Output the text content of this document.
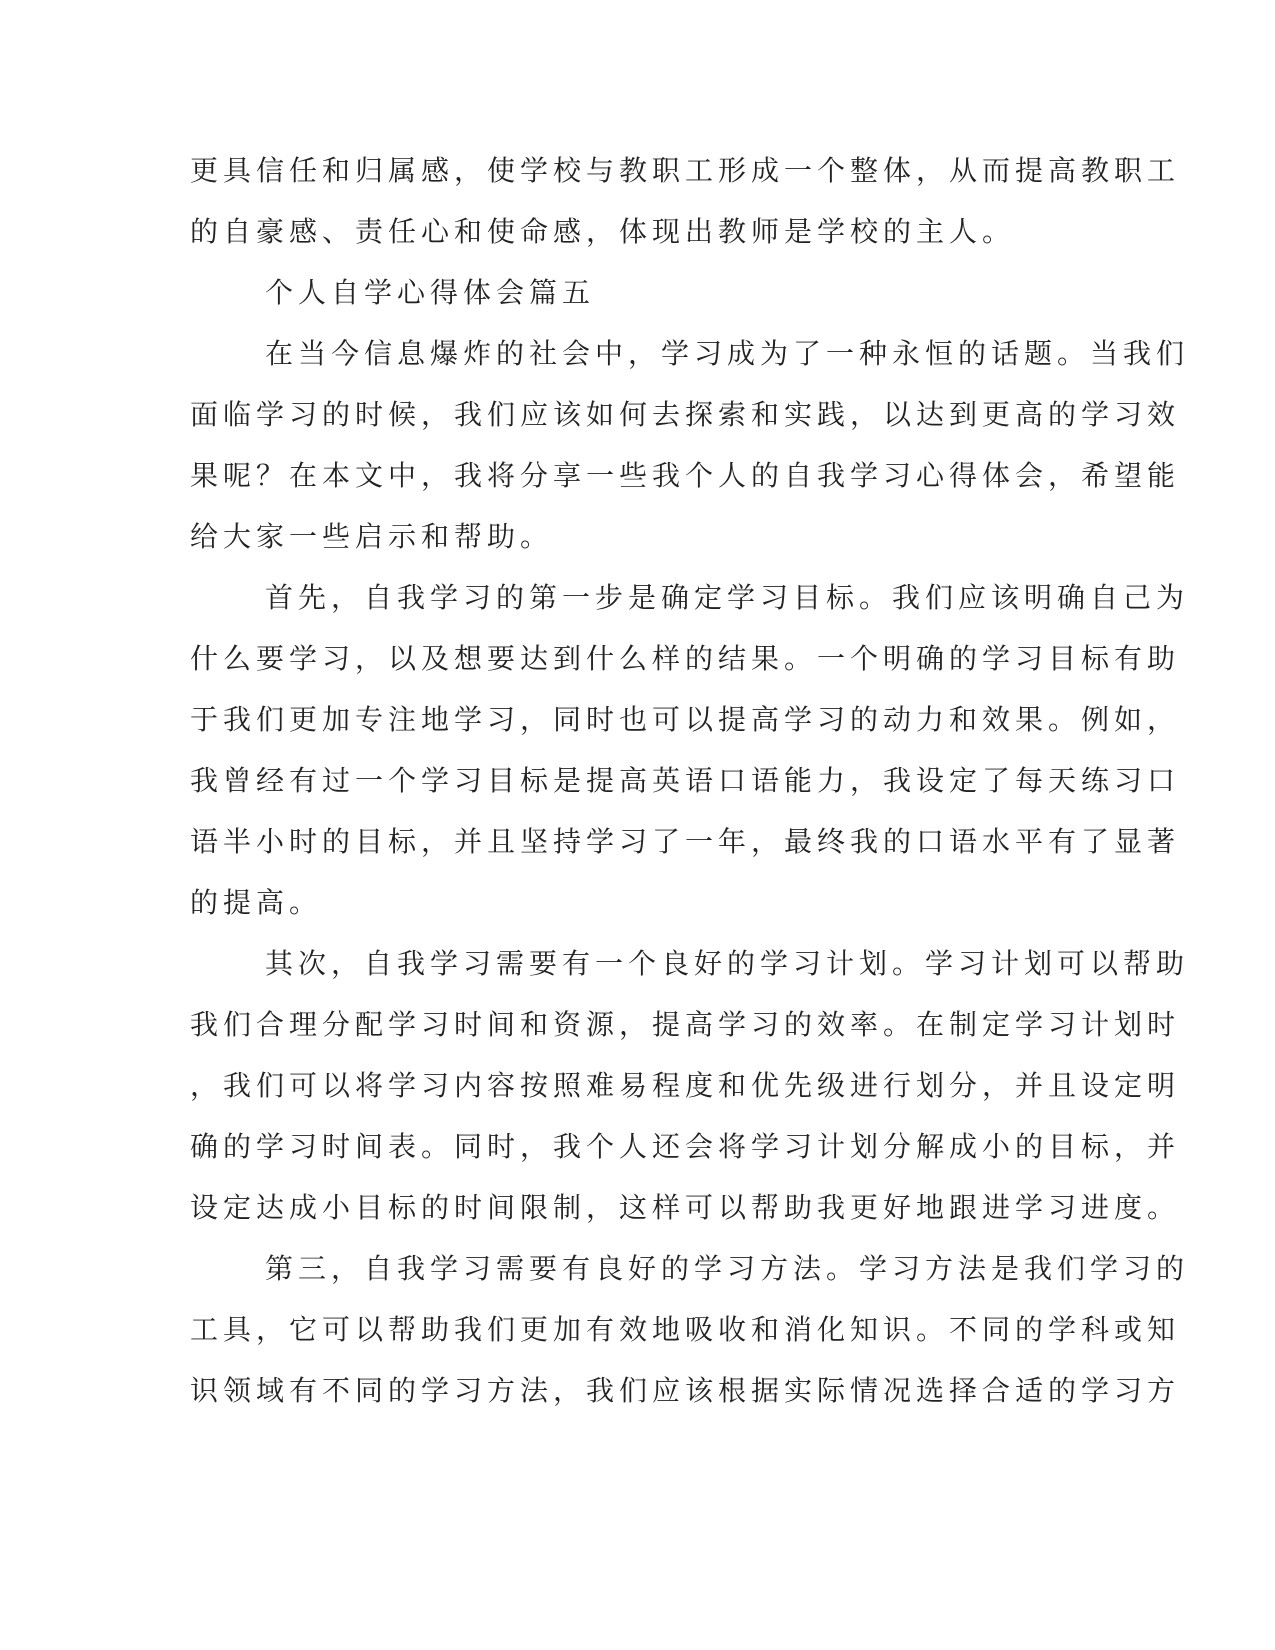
更具信任和归属感，使学校与教职工形成一个整体，从而提高教职工
的自豪感、责任心和使命感，体现出教师是学校的主人。
个人自学心得体会篇五
在当今信息爆炸的社会中，学习成为了一种永恒的话题。当我们
面临学习的时候，我们应该如何去探索和实践，以达到更高的学习效
果呢？在本文中，我将分享一些我个人的自我学习心得体会，希望能
给大家一些启示和帮助。
首先，自我学习的第一步是确定学习目标。我们应该明确自己为
什么要学习，以及想要达到什么样的结果。一个明确的学习目标有助
于我们更加专注地学习，同时也可以提高学习的动力和效果。例如，
我曾经有过一个学习目标是提高英语口语能力，我设定了每天练习口
语半小时的目标，并且坚持学习了一年，最终我的口语水平有了显著
的提高。
其次，自我学习需要有一个良好的学习计划。学习计划可以帮助
我们合理分配学习时间和资源，提高学习的效率。在制定学习计划时
，我们可以将学习内容按照难易程度和优先级进行划分，并且设定明
确的学习时间表。同时，我个人还会将学习计划分解成小的目标，并
设定达成小目标的时间限制，这样可以帮助我更好地跟进学习进度。
第三，自我学习需要有良好的学习方法。学习方法是我们学习的
工具，它可以帮助我们更加有效地吸收和消化知识。不同的学科或知
识领域有不同的学习方法，我们应该根据实际情况选择合适的学习方
